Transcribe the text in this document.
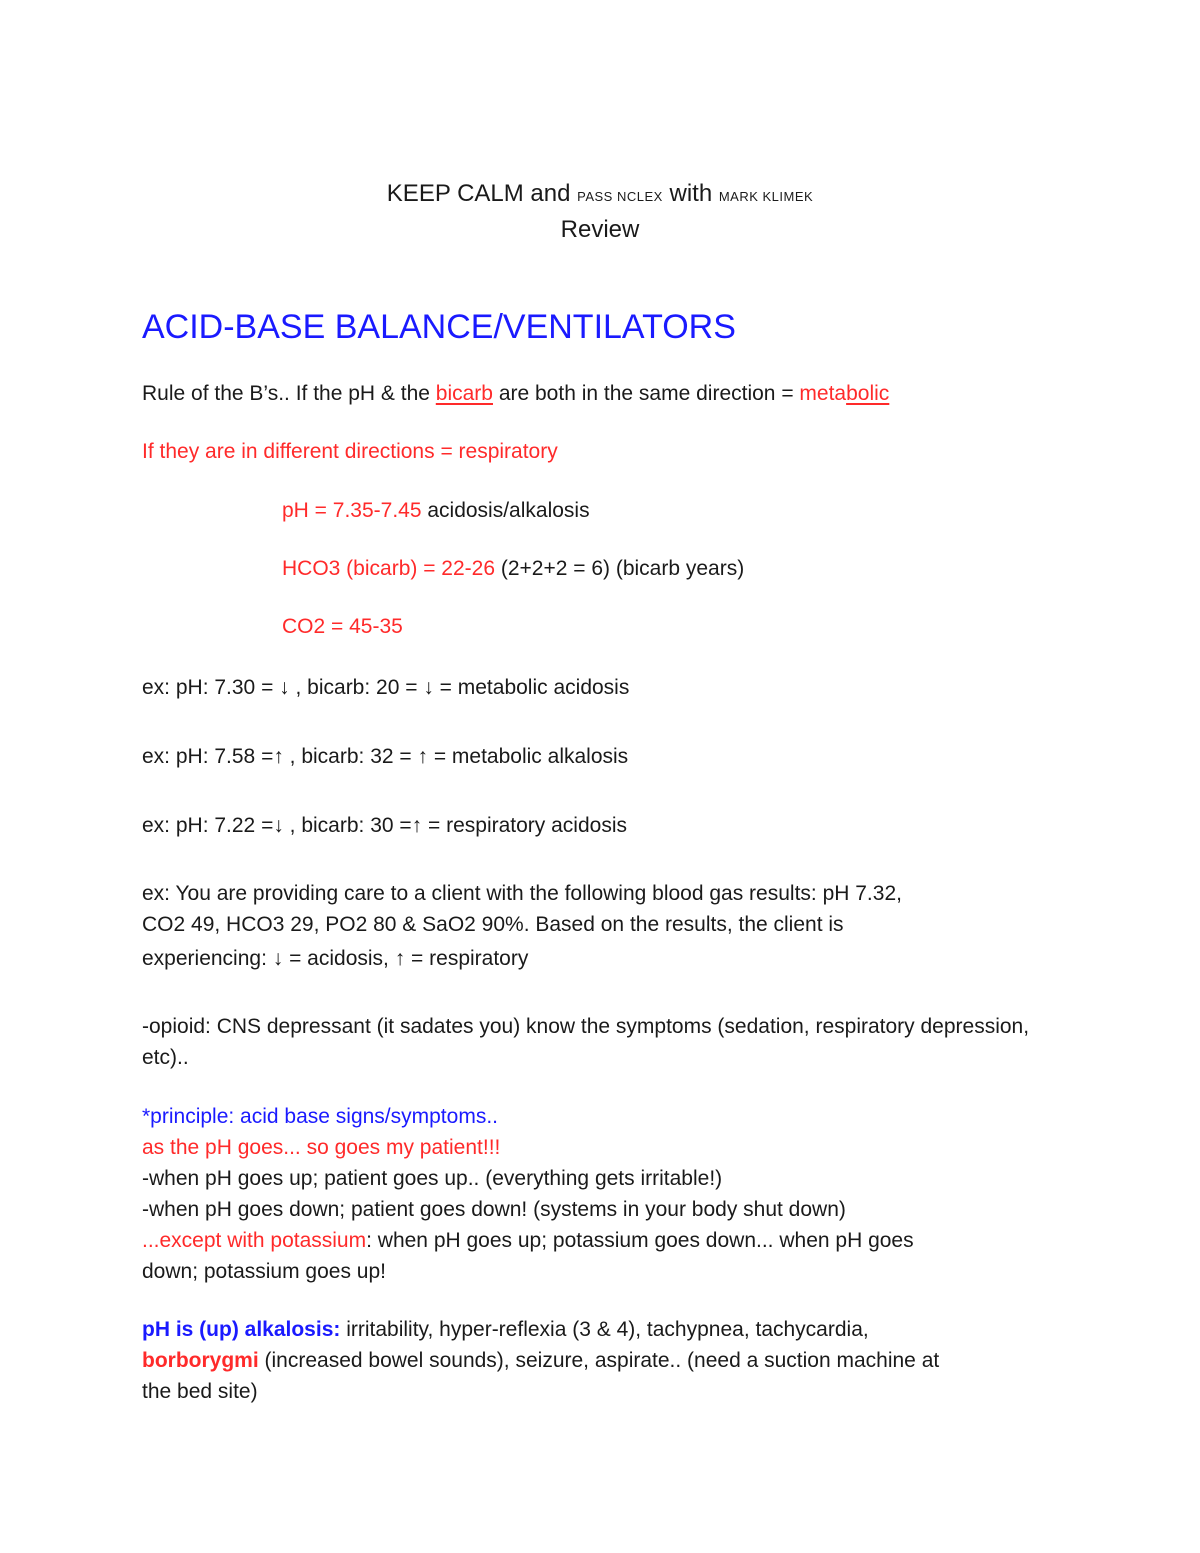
KEEP CALM and PASS NCLEX with MARK KLIMEK
Review
ACID-BASE BALANCE/VENTILATORS
Rule of the B’s.. If the pH & the bicarb are both in the same direction = metabolic
If they are in different directions = respiratory
pH = 7.35-7.45 acidosis/alkalosis
HCO3 (bicarb) = 22-26 (2+2+2 = 6) (bicarb years)
CO2 = 45-35
ex: pH: 7.30 = ↓ , bicarb: 20 = ↓ = metabolic acidosis
ex: pH: 7.58 =↑ , bicarb: 32 = ↑ = metabolic alkalosis
ex: pH: 7.22 =↓ , bicarb: 30 =↑ = respiratory acidosis
ex: You are providing care to a client with the following blood gas results: pH 7.32,
CO2 49, HCO3 29, PO2 80 & SaO2 90%. Based on the results, the client is
experiencing: ↓ = acidosis, ↑ = respiratory
-opioid: CNS depressant (it sadates you) know the symptoms (sedation, respiratory depression,
etc)..
*principle: acid base signs/symptoms..
as the pH goes... so goes my patient!!!
-when pH goes up; patient goes up.. (everything gets irritable!)
-when pH goes down; patient goes down! (systems in your body shut down)
...except with potassium: when pH goes up; potassium goes down... when pH goes
down; potassium goes up!
pH is (up) alkalosis: irritability, hyper-reflexia (3 & 4), tachypnea, tachycardia,
borborygmi (increased bowel sounds), seizure, aspirate.. (need a suction machine at
the bed site)
